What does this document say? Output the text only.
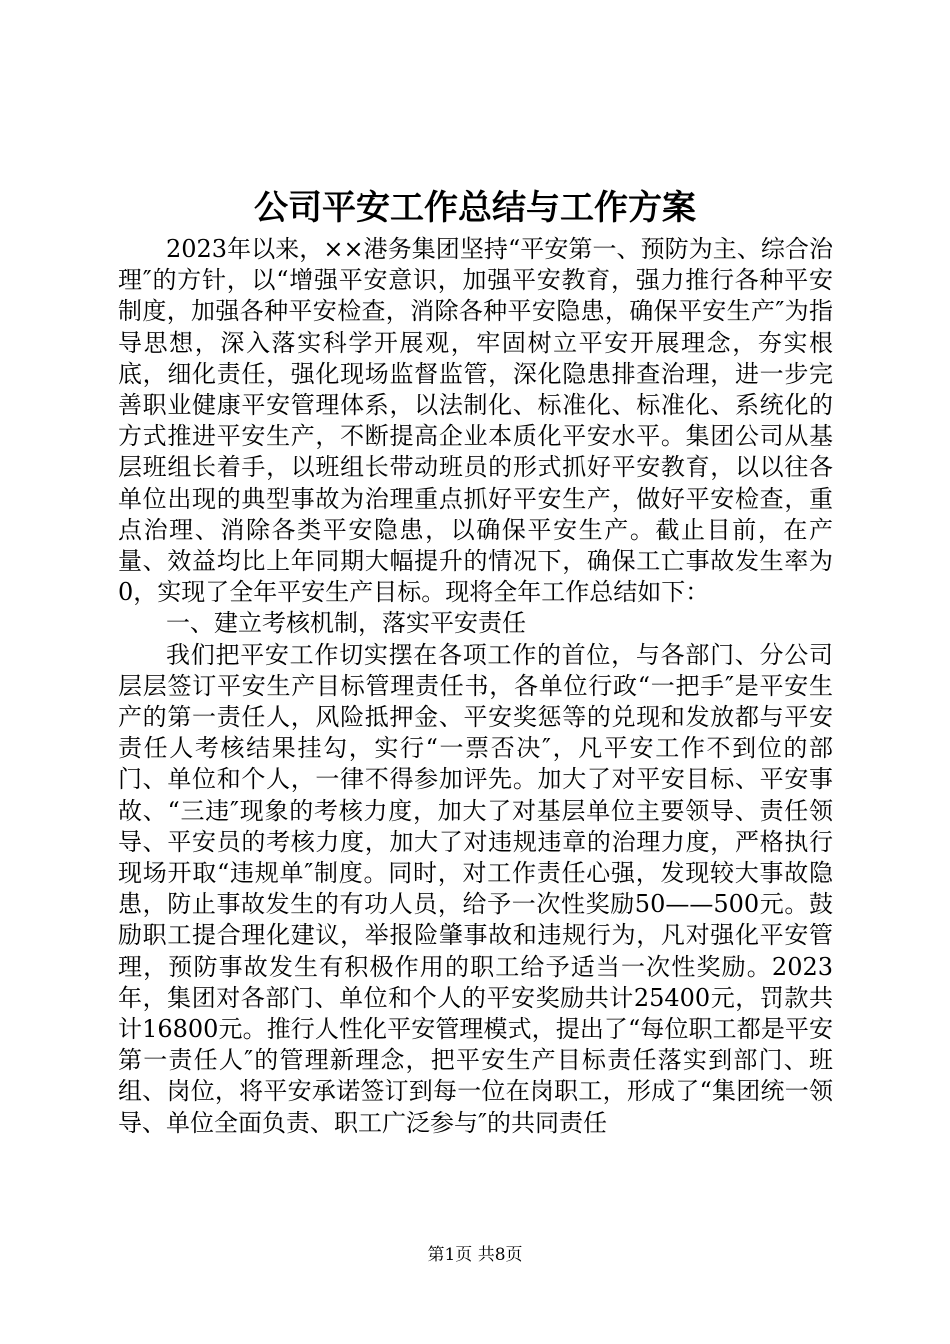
公司平安工作总结与工作方案

2023年以来，××港务集团坚持“平安第一、预防为主、综合治理″的方针，以“增强平安意识，加强平安教育，强力推行各种平安制度，加强各种平安检查，消除各种平安隐患，确保平安生产″为指导思想，深入落实科学开展观，牢固树立平安开展理念，夯实根底，细化责任，强化现场监督监管，深化隐患排查治理，进一步完善职业健康平安管理体系，以法制化、标准化、标准化、系统化的方式推进平安生产，不断提高企业本质化平安水平。集团公司从基层班组长着手，以班组长带动班员的形式抓好平安教育，以以往各单位出现的典型事故为治理重点抓好平安生产，做好平安检查，重点治理、消除各类平安隐患，以确保平安生产。截止目前，在产量、效益均比上年同期大幅提升的情况下，确保工亡事故发生率为0，实现了全年平安生产目标。现将全年工作总结如下：

一、建立考核机制，落实平安责任

我们把平安工作切实摆在各项工作的首位，与各部门、分公司层层签订平安生产目标管理责任书，各单位行政“一把手″是平安生产的第一责任人，风险抵押金、平安奖惩等的兑现和发放都与平安责任人考核结果挂勾，实行“一票否决″，凡平安工作不到位的部门、单位和个人，一律不得参加评先。加大了对平安目标、平安事故、“三违″现象的考核力度，加大了对基层单位主要领导、责任领导、平安员的考核力度，加大了对违规违章的治理力度，严格执行现场开取“违规单″制度。同时，对工作责任心强，发现较大事故隐患，防止事故发生的有功人员，给予一次性奖励50——500元。鼓励职工提合理化建议，举报险肇事故和违规行为，凡对强化平安管理，预防事故发生有积极作用的职工给予适当一次性奖励。2023年，集团对各部门、单位和个人的平安奖励共计25400元，罚款共计16800元。推行人性化平安管理模式，提出了“每位职工都是平安第一责任人″的管理新理念，把平安生产目标责任落实到部门、班组、岗位，将平安承诺签订到每一位在岗职工，形成了“集团统一领导、单位全面负责、职工广泛参与″的共同责任

第1页 共8页
